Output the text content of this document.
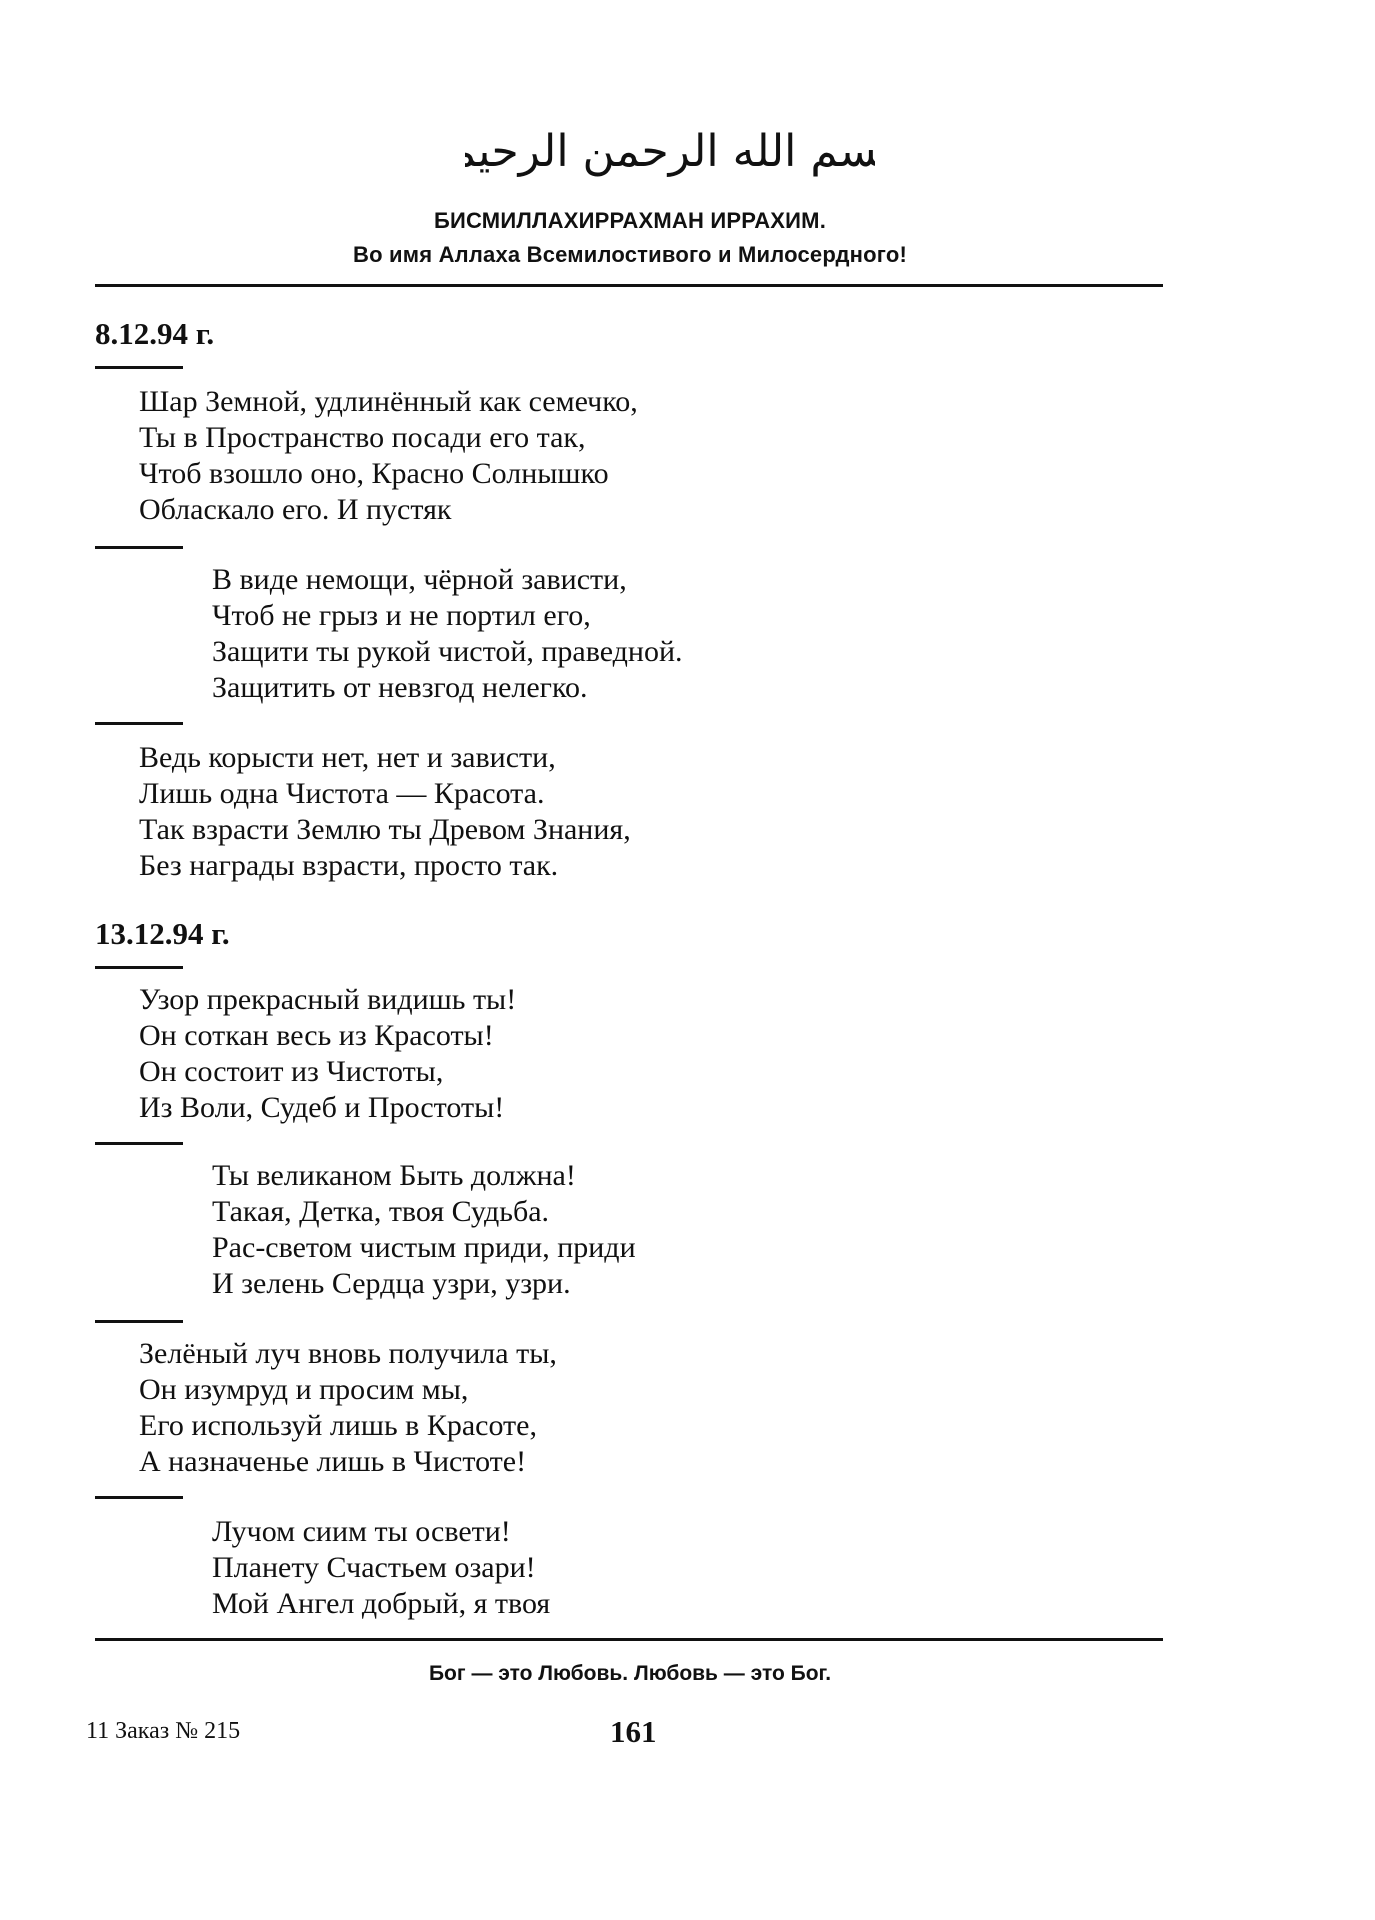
بسم الله الرحمن الرحيم
БИСМИЛЛАХИРРАХМАН ИРРАХИМ.
Во имя Аллаха Всемилостивого и Милосердного!
8.12.94 г.
Шар Земной, удлинённый как семечко,
Ты в Пространство посади его так,
Чтоб взошло оно, Красно Солнышко
Обласкало его. И пустяк
В виде немощи, чёрной зависти,
Чтоб не грыз и не портил его,
Защити ты рукой чистой, праведной.
Защитить от невзгод нелегко.
Ведь корысти нет, нет и зависти,
Лишь одна Чистота — Красота.
Так взрасти Землю ты Древом Знания,
Без награды взрасти, просто так.
13.12.94 г.
Узор прекрасный видишь ты!
Он соткан весь из Красоты!
Он состоит из Чистоты,
Из Воли, Судеб и Простоты!
Ты великаном Быть должна!
Такая, Детка, твоя Судьба.
Рас-светом чистым приди, приди
И зелень Сердца узри, узри.
Зелёный луч вновь получила ты,
Он изумруд и просим мы,
Его используй лишь в Красоте,
А назначенье лишь в Чистоте!
Лучом сиим ты освети!
Планету Счастьем озари!
Мой Ангел добрый, я твоя
Бог — это Любовь. Любовь — это Бог.
11 Заказ № 215	161
